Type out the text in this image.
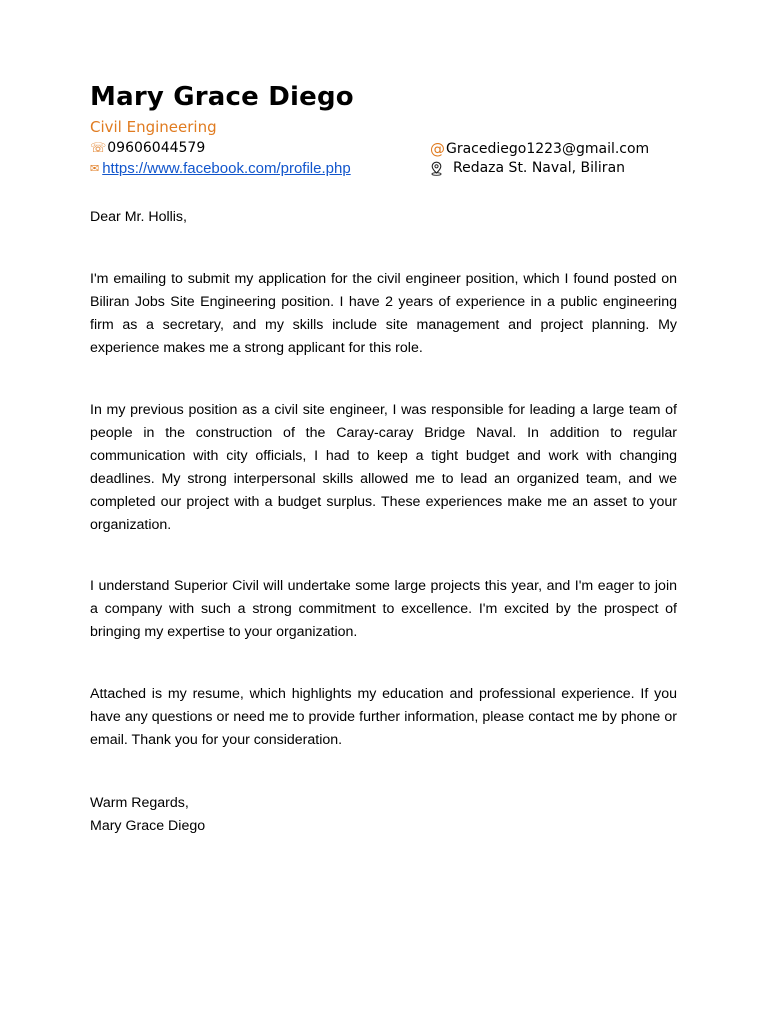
Mary Grace Diego
Civil Engineering
☏ 09606044579
✉ https://www.facebook.com/profile.php
@ Gracediego1223@gmail.com
Redaza St. Naval, Biliran

Dear Mr. Hollis,

I'm emailing to submit my application for the civil engineer position, which I found posted on Biliran Jobs Site Engineering position. I have 2 years of experience in a public engineering firm as a secretary, and my skills include site management and project planning. My experience makes me a strong applicant for this role.

In my previous position as a civil site engineer, I was responsible for leading a large team of people in the construction of the Caray-caray Bridge Naval. In addition to regular communication with city officials, I had to keep a tight budget and work with changing deadlines. My strong interpersonal skills allowed me to lead an organized team, and we completed our project with a budget surplus. These experiences make me an asset to your organization.

I understand Superior Civil will undertake some large projects this year, and I'm eager to join a company with such a strong commitment to excellence. I'm excited by the prospect of bringing my expertise to your organization.

Attached is my resume, which highlights my education and professional experience. If you have any questions or need me to provide further information, please contact me by phone or email. Thank you for your consideration.

Warm Regards,

Mary Grace Diego
